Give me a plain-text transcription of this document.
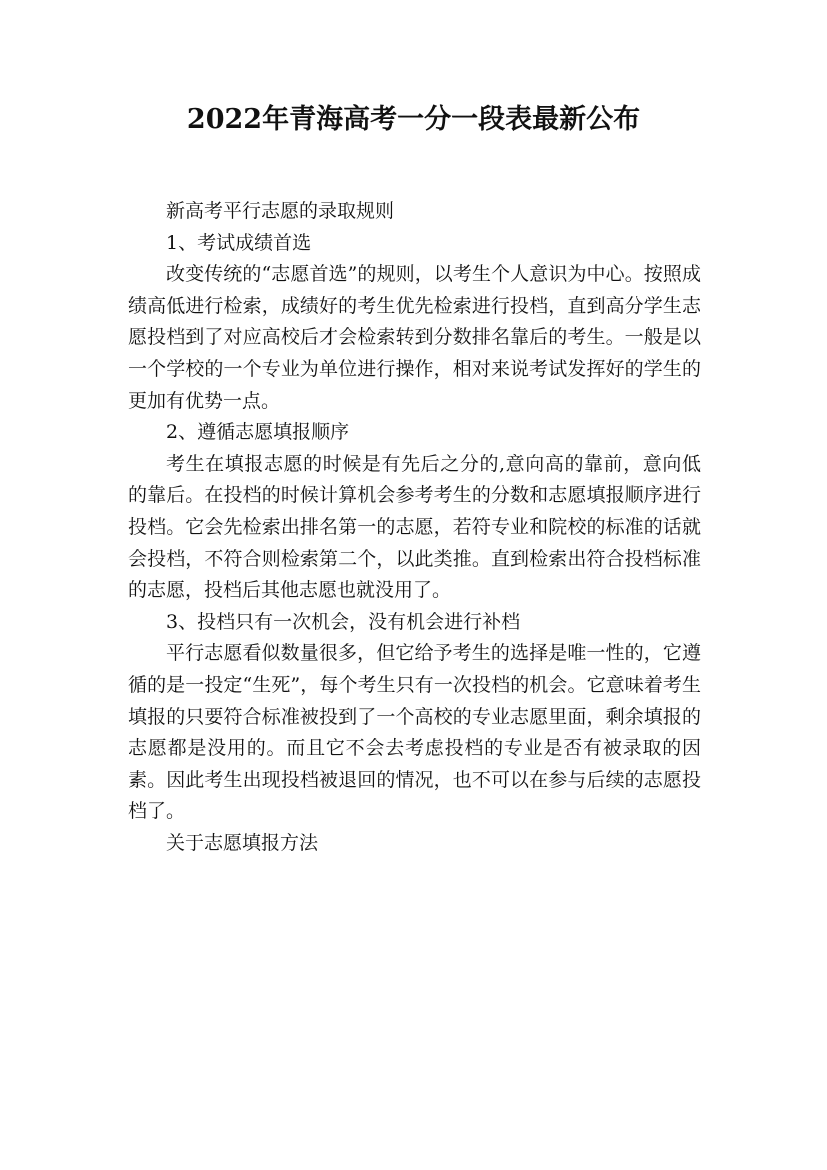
2022年青海高考一分一段表最新公布

新高考平行志愿的录取规则

1、考试成绩首选

改变传统的“志愿首选”的规则，以考生个人意识为中心。按照成绩高低进行检索，成绩好的考生优先检索进行投档，直到高分学生志愿投档到了对应高校后才会检索转到分数排名靠后的考生。一般是以一个学校的一个专业为单位进行操作，相对来说考试发挥好的学生的更加有优势一点。

2、遵循志愿填报顺序

考生在填报志愿的时候是有先后之分的,意向高的靠前，意向低的靠后。在投档的时候计算机会参考考生的分数和志愿填报顺序进行投档。它会先检索出排名第一的志愿，若符专业和院校的标准的话就会投档，不符合则检索第二个，以此类推。直到检索出符合投档标准的志愿，投档后其他志愿也就没用了。

3、投档只有一次机会，没有机会进行补档

平行志愿看似数量很多，但它给予考生的选择是唯一性的，它遵循的是一投定“生死”，每个考生只有一次投档的机会。它意味着考生填报的只要符合标准被投到了一个高校的专业志愿里面，剩余填报的志愿都是没用的。而且它不会去考虑投档的专业是否有被录取的因素。因此考生出现投档被退回的情况，也不可以在参与后续的志愿投档了。

关于志愿填报方法
